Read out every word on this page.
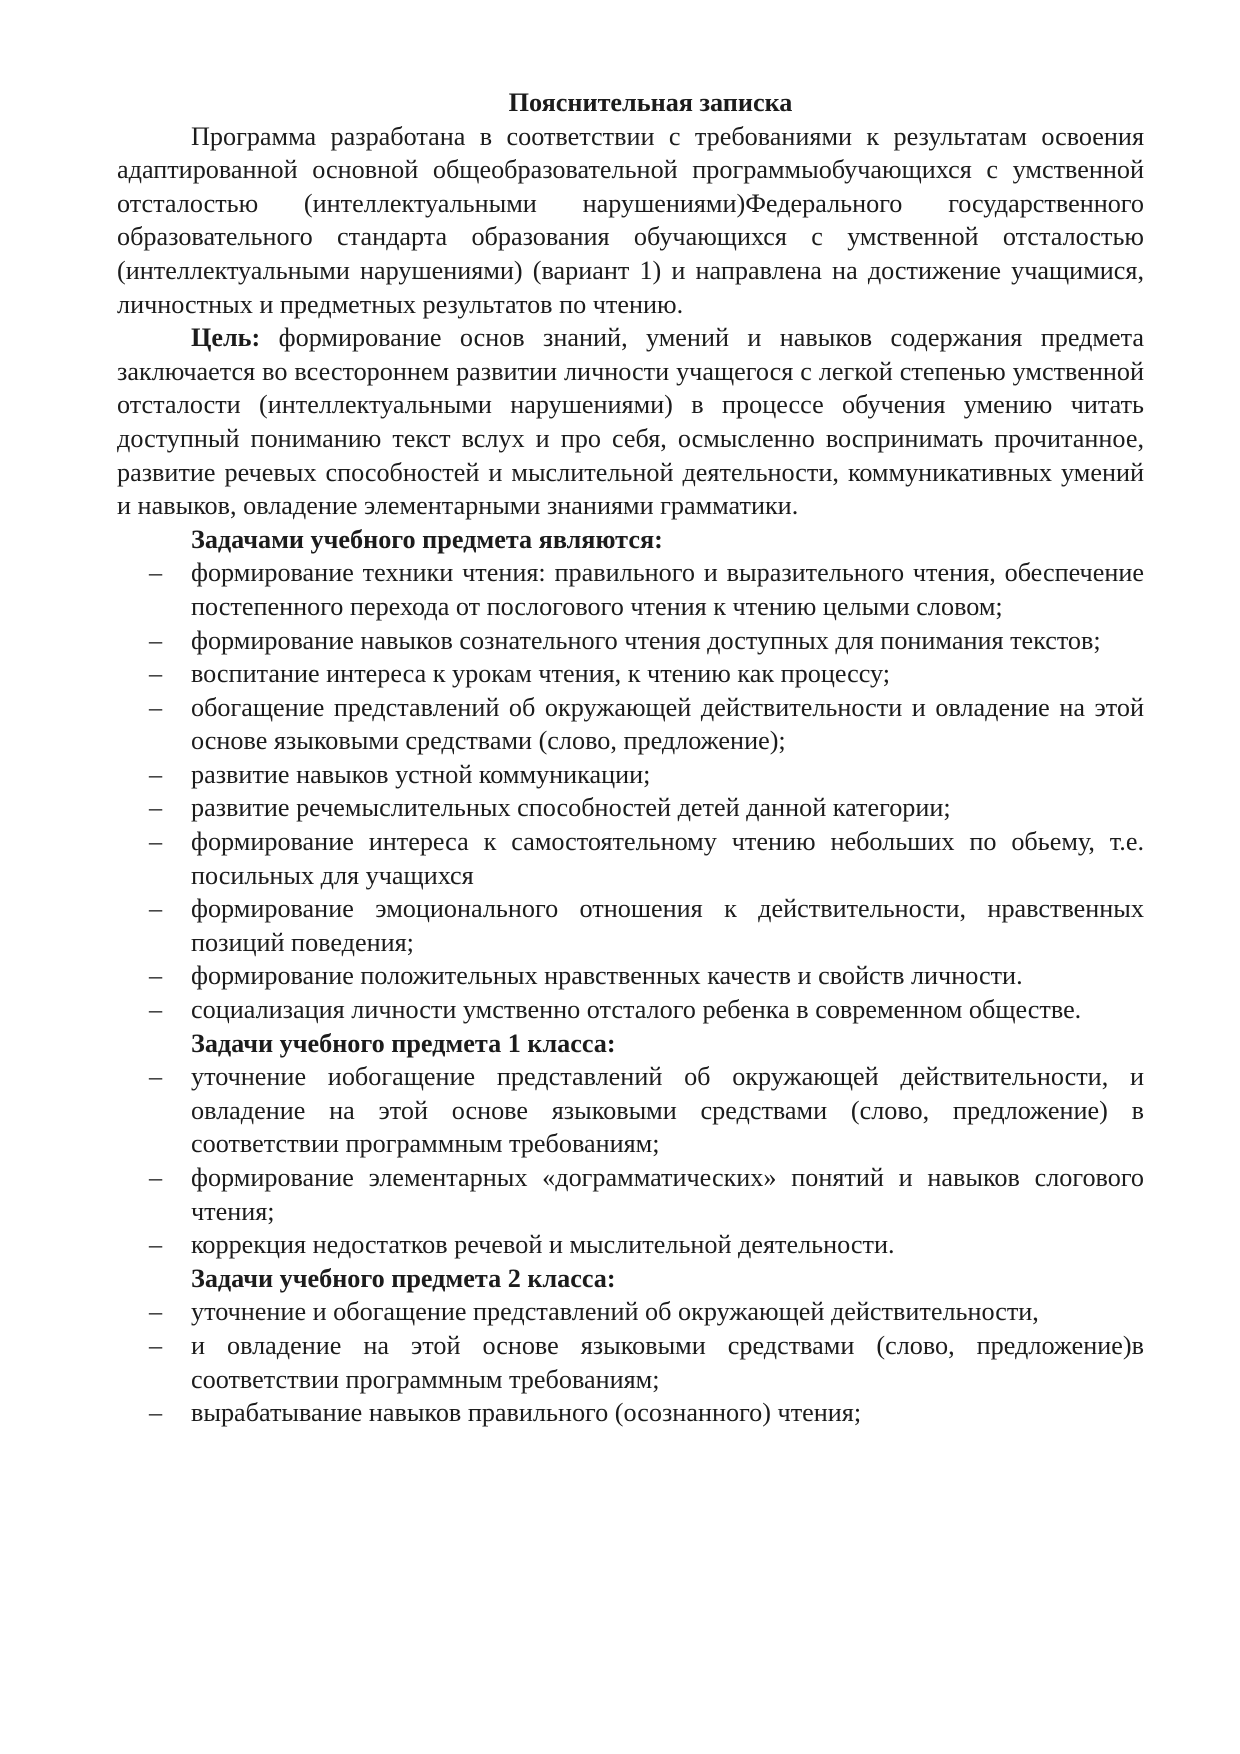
Пояснительная записка

Программа разработана в соответствии с требованиями к результатам освоения адаптированной основной общеобразовательной программыобучающихся с умственной отсталостью (интеллектуальными нарушениями)Федерального государственного образовательного стандарта образования обучающихся с умственной отсталостью (интеллектуальными нарушениями) (вариант 1) и направлена на достижение учащимися, личностных и предметных результатов по чтению.

Цель: формирование основ знаний, умений и навыков содержания предмета заключается во всестороннем развитии личности учащегося с легкой степенью умственной отсталости (интеллектуальными нарушениями) в процессе обучения умению читать доступный пониманию текст вслух и про себя, осмысленно воспринимать прочитанное, развитие речевых способностей и мыслительной деятельности, коммуникативных умений и навыков, овладение элементарными знаниями грамматики.

Задачами учебного предмета являются:

– формирование техники чтения: правильного и выразительного чтения, обеспечение постепенного перехода от послогового чтения к чтению целыми словом;
– формирование навыков сознательного чтения доступных для понимания текстов;
– воспитание интереса к урокам чтения, к чтению как процессу;
– обогащение представлений об окружающей действительности и овладение на этой основе языковыми средствами (слово, предложение);
– развитие навыков устной коммуникации;
– развитие речемыслительных способностей детей данной категории;
– формирование интереса к самостоятельному чтению небольших по обьему, т.е. посильных для учащихся
– формирование эмоционального отношения к действительности, нравственных позиций поведения;
– формирование положительных нравственных качеств и свойств личности.
– социализация личности умственно отсталого ребенка в современном обществе.

Задачи учебного предмета 1 класса:

– уточнение иобогащение представлений об окружающей действительности, и овладение на этой основе языковыми средствами (слово, предложение) в соответствии программным требованиям;
– формирование элементарных «дограмматических» понятий и навыков слогового чтения;
– коррекция недостатков речевой и мыслительной деятельности.

Задачи учебного предмета 2 класса:

– уточнение и обогащение представлений об окружающей действительности,
– и овладение на этой основе языковыми средствами (слово, предложение)в соответствии программным требованиям;
– вырабатывание навыков правильного (осознанного) чтения;
